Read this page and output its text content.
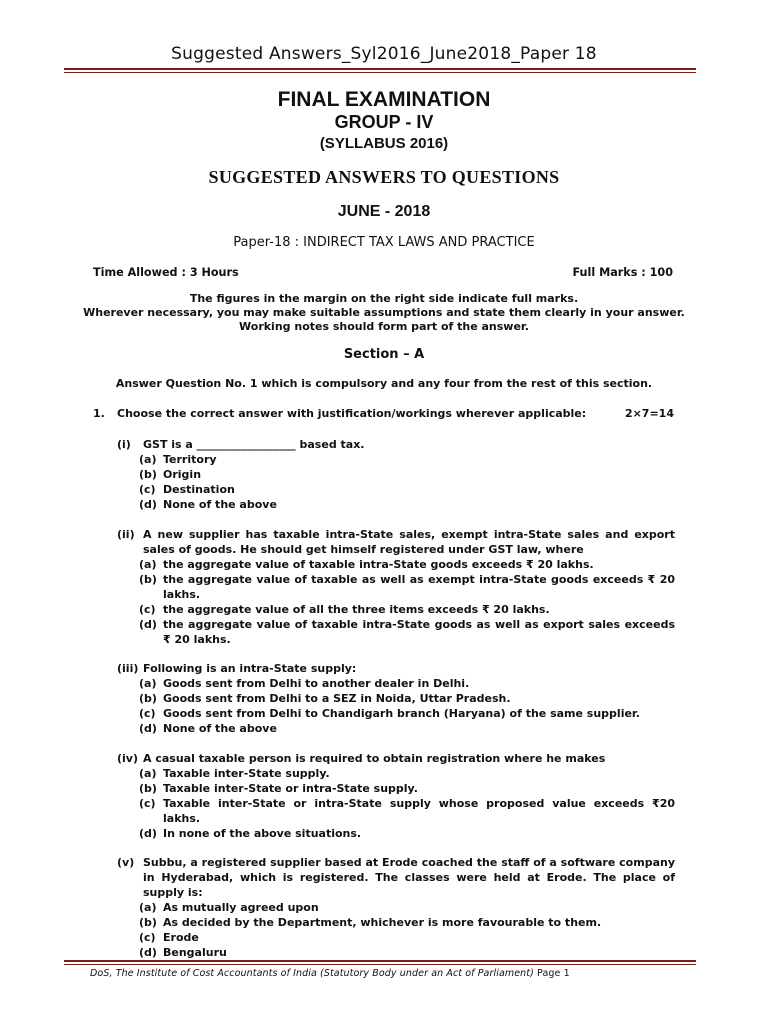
Suggested Answers_Syl2016_June2018_Paper 18
FINAL EXAMINATION
GROUP - IV
(SYLLABUS 2016)
SUGGESTED ANSWERS TO QUESTIONS
JUNE - 2018
Paper-18 : INDIRECT TAX LAWS AND PRACTICE
Time Allowed : 3 Hours	Full Marks : 100
The figures in the margin on the right side indicate full marks.
Wherever necessary, you may make suitable assumptions and state them clearly in your answer.
Working notes should form part of the answer.
Section – A
Answer Question No. 1 which is compulsory and any four from the rest of this section.
1. Choose the correct answer with justification/workings wherever applicable:	2×7=14
(i)	GST is a __________________ based tax.
(a) Territory
(b) Origin
(c) Destination
(d) None of the above
(ii) A new supplier has taxable intra-State sales, exempt intra-State sales and export sales of goods. He should get himself registered under GST law, where
(a) the aggregate value of taxable intra-State goods exceeds ₹ 20 lakhs.
(b) the aggregate value of taxable as well as exempt intra-State goods exceeds ₹ 20 lakhs.
(c) the aggregate value of all the three items exceeds ₹ 20 lakhs.
(d) the aggregate value of taxable intra-State goods as well as export sales exceeds ₹ 20 lakhs.
(iii) Following is an intra-State supply:
(a) Goods sent from Delhi to another dealer in Delhi.
(b) Goods sent from Delhi to a SEZ in Noida, Uttar Pradesh.
(c) Goods sent from Delhi to Chandigarh branch (Haryana) of the same supplier.
(d) None of the above
(iv) A casual taxable person is required to obtain registration where he makes
(a) Taxable inter-State supply.
(b) Taxable inter-State or intra-State supply.
(c) Taxable inter-State or intra-State supply whose proposed value exceeds ₹20 lakhs.
(d) In none of the above situations.
(v) Subbu, a registered supplier based at Erode coached the staff of a software company in Hyderabad, which is registered. The classes were held at Erode. The place of supply is:
(a) As mutually agreed upon
(b) As decided by the Department, whichever is more favourable to them.
(c) Erode
(d) Bengaluru
DoS, The Institute of Cost Accountants of India (Statutory Body under an Act of Parliament) Page 1
